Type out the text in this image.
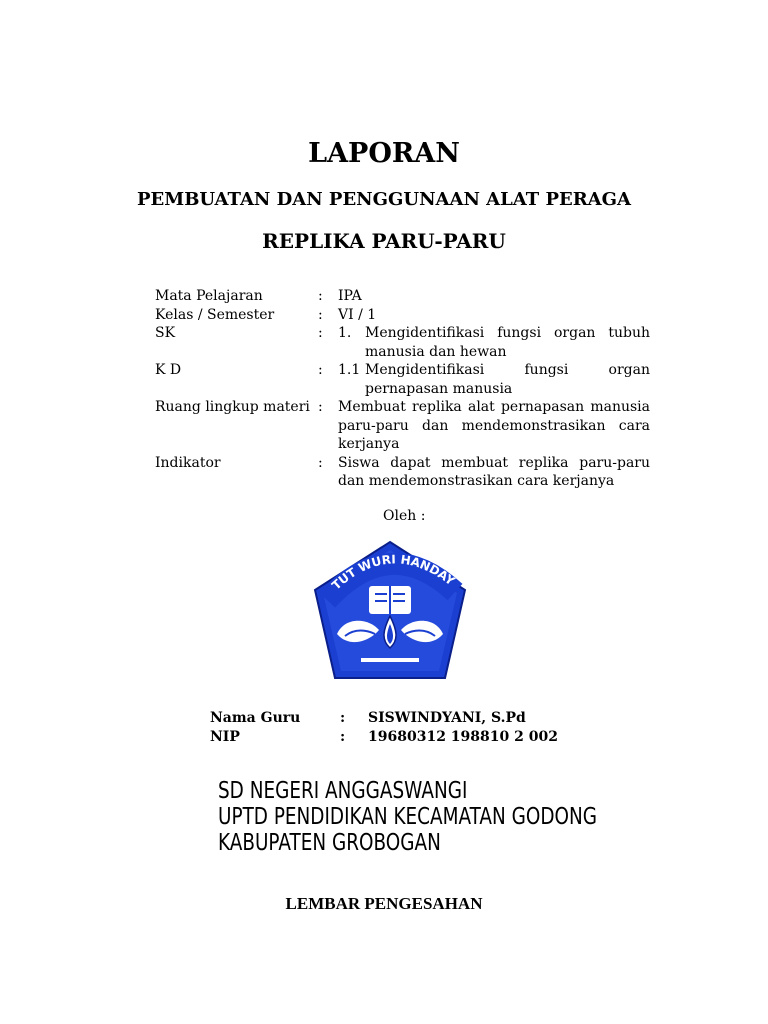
LAPORAN
PEMBUATAN DAN PENGGUNAAN ALAT PERAGA
REPLIKA PARU-PARU
Mata Pelajaran	:	IPA
Kelas / Semester	:	VI / 1
SK	:	1. Mengidentifikasi fungsi organ tubuh
manusia dan hewan
K D	:	1.1 Mengidentifikasi fungsi organ
pernapasan manusia
Ruang lingkup materi :	Membuat replika alat pernapasan manusia paru-paru dan mendemonstrasikan cara kerjanya
Indikator	:	Siswa dapat membuat replika paru-paru dan mendemonstrasikan cara kerjanya
Oleh :
TUT WURI HANDAY
Nama Guru	:	SISWINDYANI, S.Pd
NIP	:	19680312 198810 2 002
SD NEGERI ANGGASWANGI
UPTD PENDIDIKAN KECAMATAN GODONG
KABUPATEN GROBOGAN
LEMBAR PENGESAHAN
